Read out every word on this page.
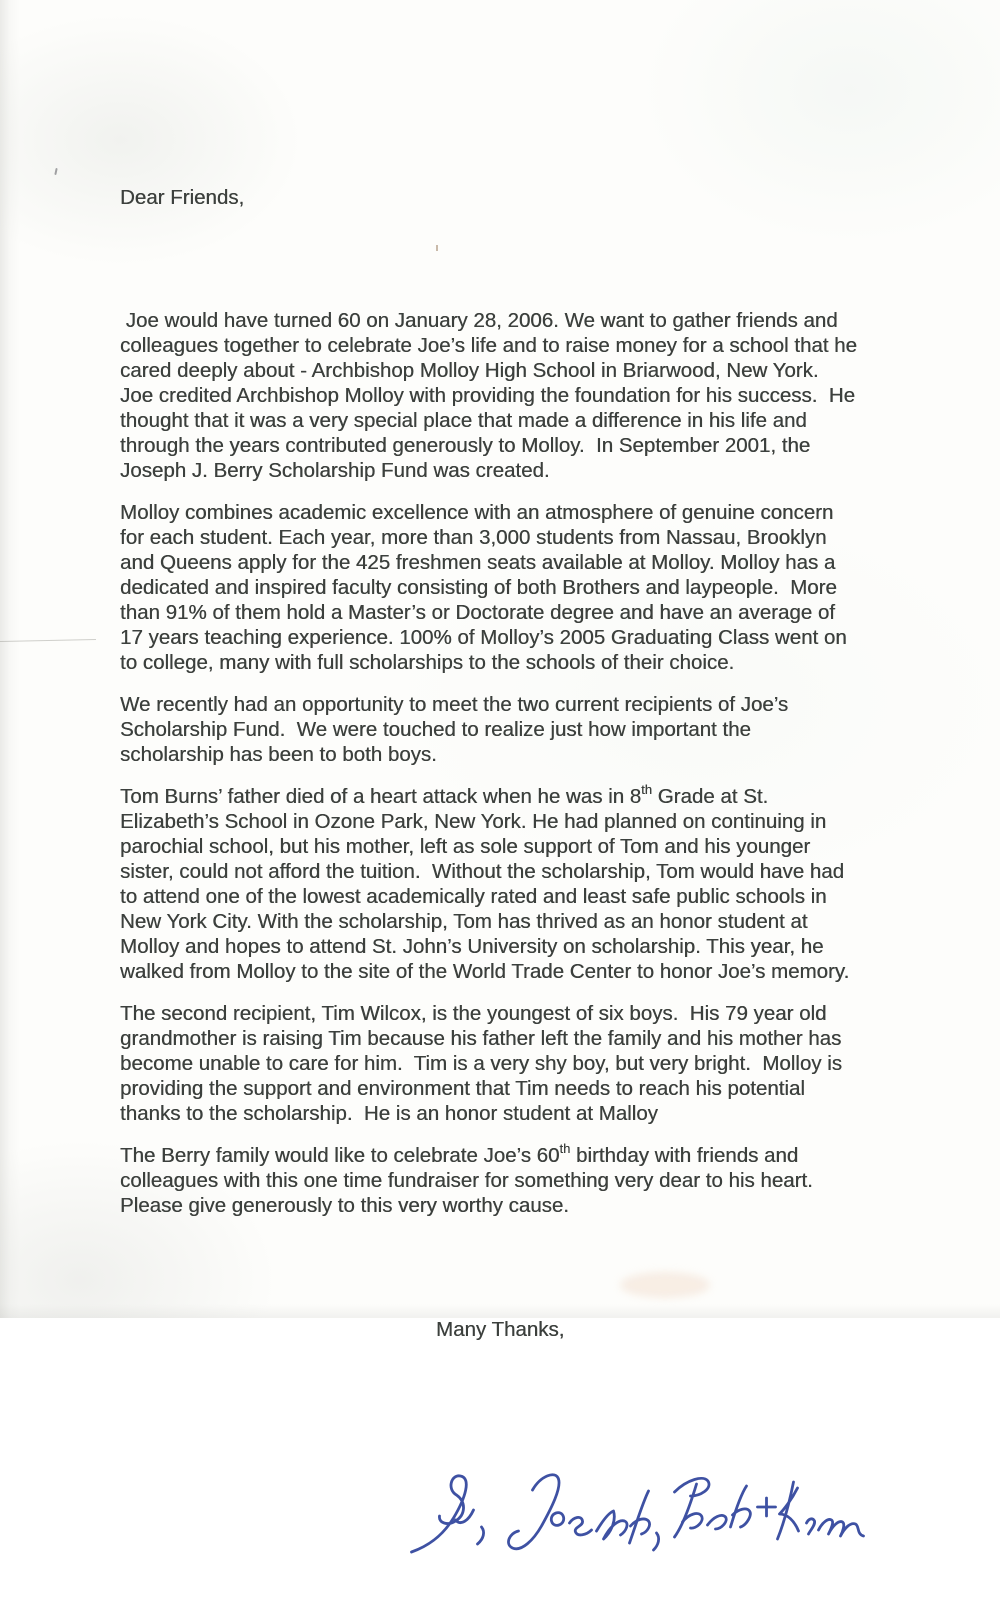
Dear Friends,

Joe would have turned 60 on January 28, 2006. We want to gather friends and
colleagues together to celebrate Joe’s life and to raise money for a school that he
cared deeply about - Archbishop Molloy High School in Briarwood, New York.
Joe credited Archbishop Molloy with providing the foundation for his success.  He
thought that it was a very special place that made a difference in his life and
through the years contributed generously to Molloy.  In September 2001, the
Joseph J. Berry Scholarship Fund was created.
Molloy combines academic excellence with an atmosphere of genuine concern
for each student. Each year, more than 3,000 students from Nassau, Brooklyn
and Queens apply for the 425 freshmen seats available at Molloy. Molloy has a
dedicated and inspired faculty consisting of both Brothers and laypeople.  More
than 91% of them hold a Master’s or Doctorate degree and have an average of
17 years teaching experience. 100% of Molloy’s 2005 Graduating Class went on
to college, many with full scholarships to the schools of their choice.
We recently had an opportunity to meet the two current recipients of Joe’s
Scholarship Fund.  We were touched to realize just how important the
scholarship has been to both boys.
Tom Burns’ father died of a heart attack when he was in 8th Grade at St.
Elizabeth’s School in Ozone Park, New York. He had planned on continuing in
parochial school, but his mother, left as sole support of Tom and his younger
sister, could not afford the tuition.  Without the scholarship, Tom would have had
to attend one of the lowest academically rated and least safe public schools in
New York City. With the scholarship, Tom has thrived as an honor student at
Molloy and hopes to attend St. John’s University on scholarship. This year, he
walked from Molloy to the site of the World Trade Center to honor Joe’s memory.
The second recipient, Tim Wilcox, is the youngest of six boys.  His 79 year old
grandmother is raising Tim because his father left the family and his mother has
become unable to care for him.  Tim is a very shy boy, but very bright.  Molloy is
providing the support and environment that Tim needs to reach his potential
thanks to the scholarship.  He is an honor student at Malloy
The Berry family would like to celebrate Joe’s 60th birthday with friends and
colleagues with this one time fundraiser for something very dear to his heart.
Please give generously to this very worthy cause.

Many Thanks,
